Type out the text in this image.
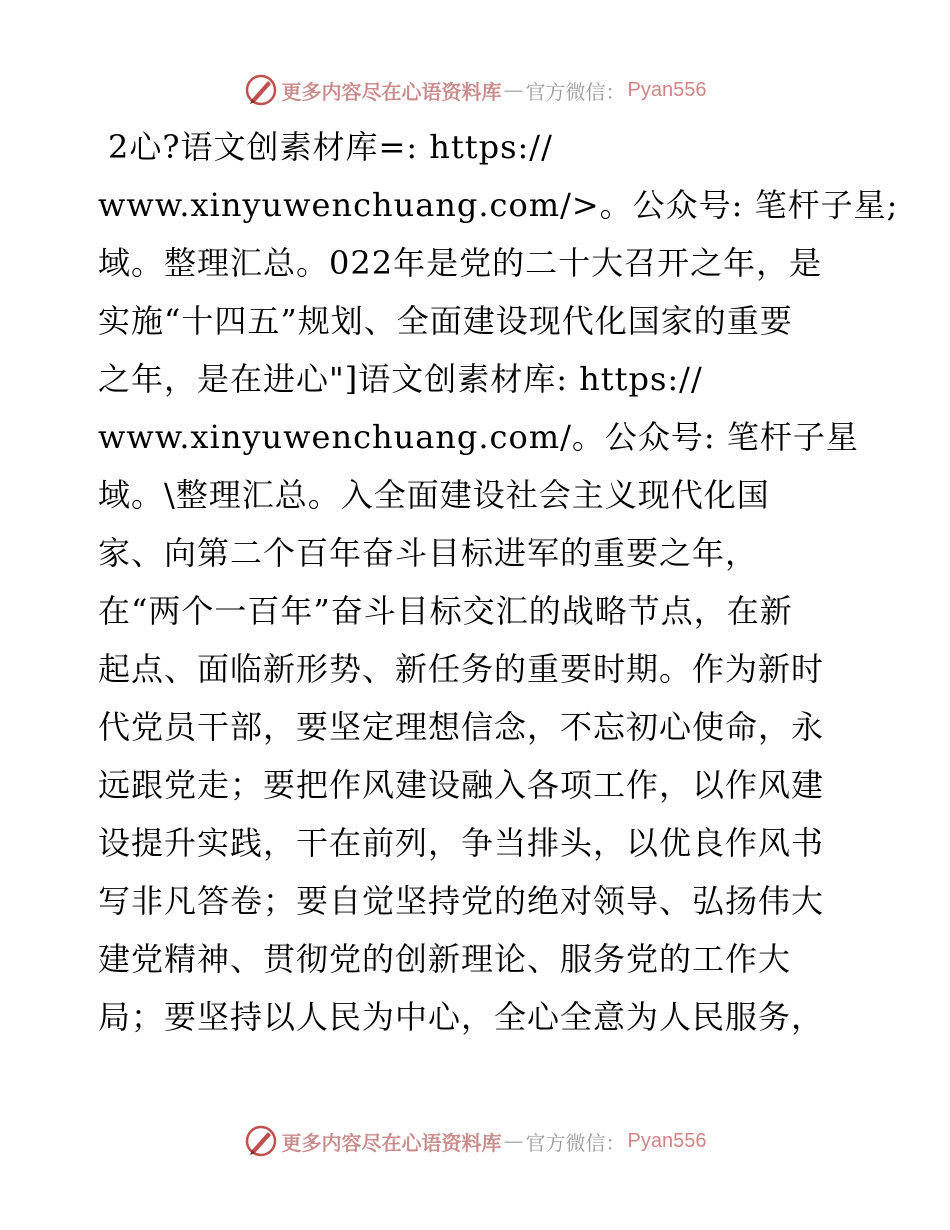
更多内容尽在心语资料库 — 官方微信： Pyan556
2心?语文创素材库=: https://
www.xinyuwenchuang.com/>。公众号: 笔杆子星;
域。整理汇总。022年是党的二十大召开之年，是
实施“十四五”规划、全面建设现代化国家的重要
之年，是在进心"]语文创素材库: https://
www.xinyuwenchuang.com/。公众号: 笔杆子星
域。\整理汇总。入全面建设社会主义现代化国
家、向第二个百年奋斗目标进军的重要之年，
在“两个一百年”奋斗目标交汇的战略节点，在新
起点、面临新形势、新任务的重要时期。作为新时
代党员干部，要坚定理想信念，不忘初心使命，永
远跟党走；要把作风建设融入各项工作，以作风建
设提升实践，干在前列，争当排头，以优良作风书
写非凡答卷；要自觉坚持党的绝对领导、弘扬伟大
建党精神、贯彻党的创新理论、服务党的工作大
局；要坚持以人民为中心，全心全意为人民服务，
更多内容尽在心语资料库 — 官方微信： Pyan556
